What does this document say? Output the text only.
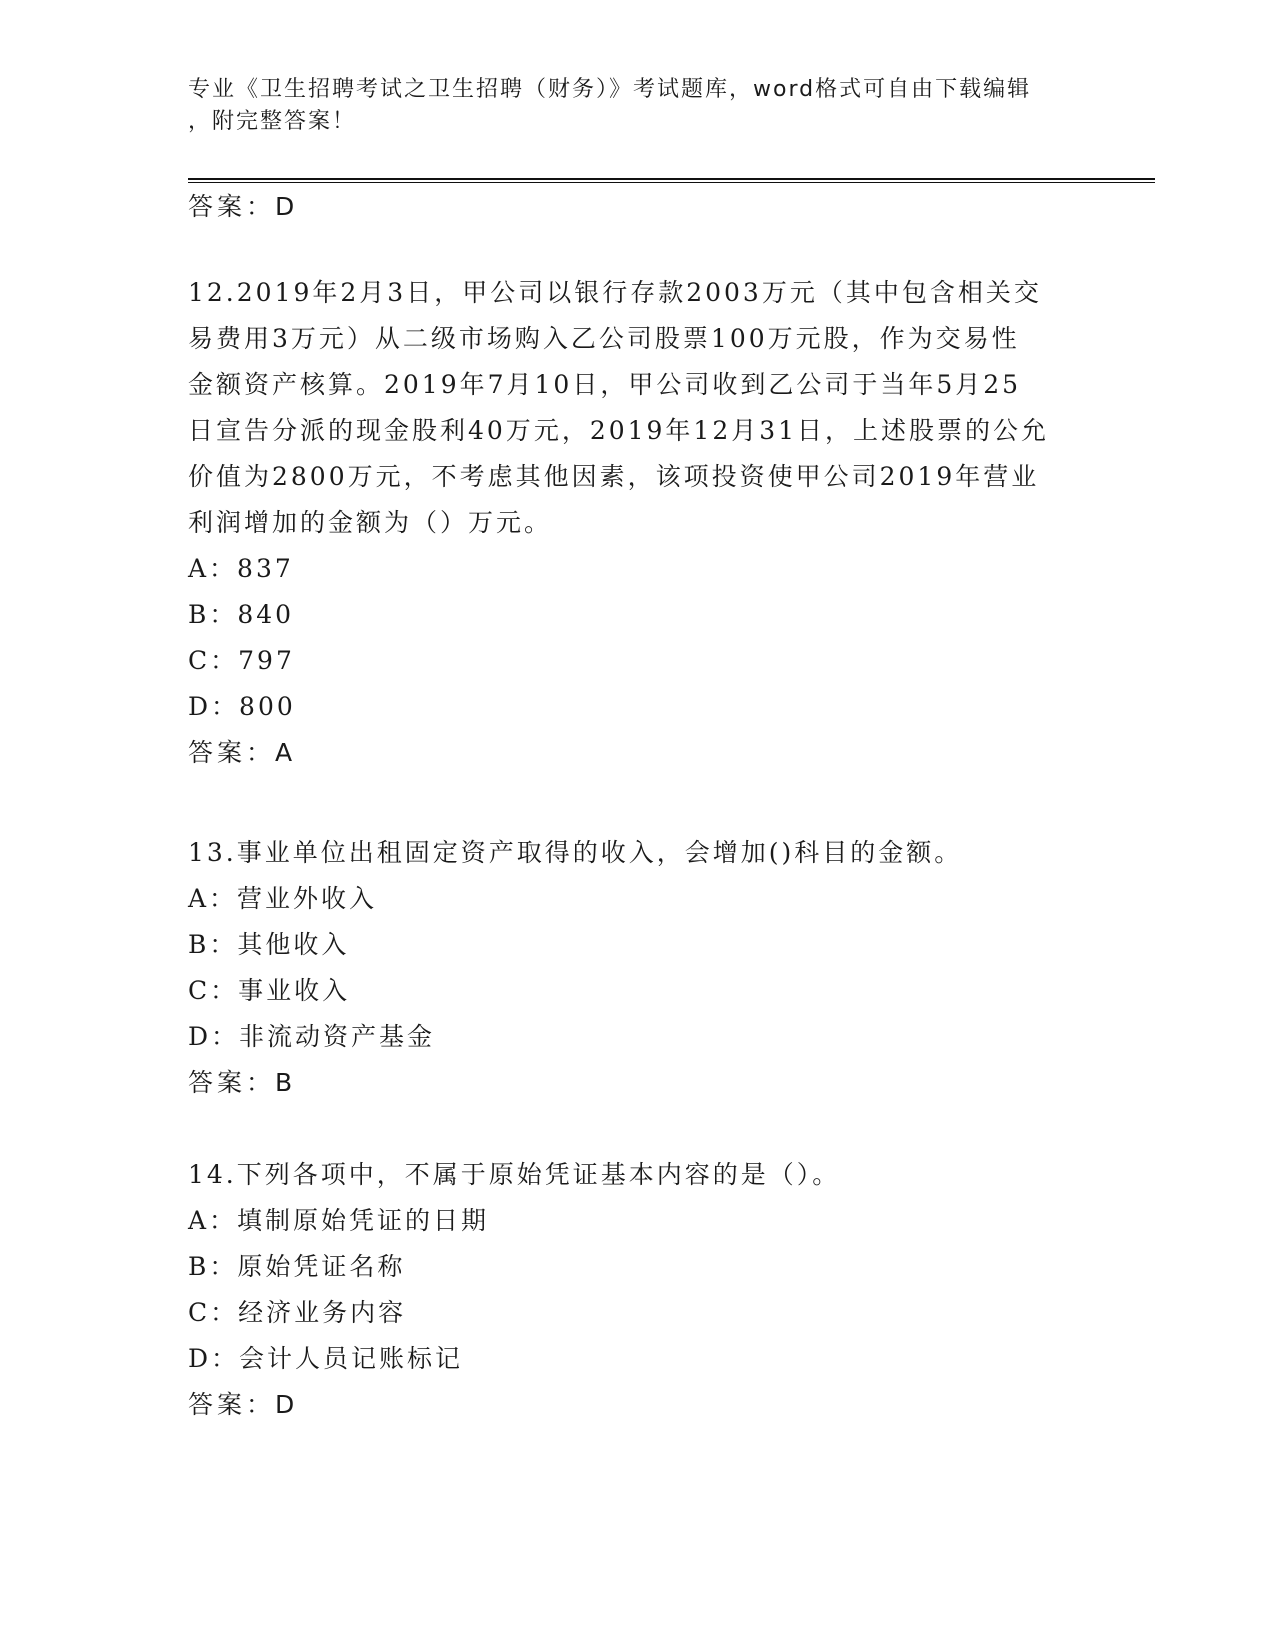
专业《卫生招聘考试之卫生招聘（财务）》考试题库，word格式可自由下载编辑
，附完整答案！
答案：D
12.2019年2月3日，甲公司以银行存款2003万元（其中包含相关交
易费用3万元）从二级市场购入乙公司股票100万元股，作为交易性
金额资产核算。2019年7月10日，甲公司收到乙公司于当年5月25
日宣告分派的现金股利40万元，2019年12月31日，上述股票的公允
价值为2800万元，不考虑其他因素，该项投资使甲公司2019年营业
利润增加的金额为（）万元。
A：837
B：840
C：797
D：800
答案：A
13.事业单位出租固定资产取得的收入，会增加()科目的金额。
A：营业外收入
B：其他收入
C：事业收入
D：非流动资产基金
答案：B
14.下列各项中，不属于原始凭证基本内容的是（）。
A：填制原始凭证的日期
B：原始凭证名称
C：经济业务内容
D：会计人员记账标记
答案：D
